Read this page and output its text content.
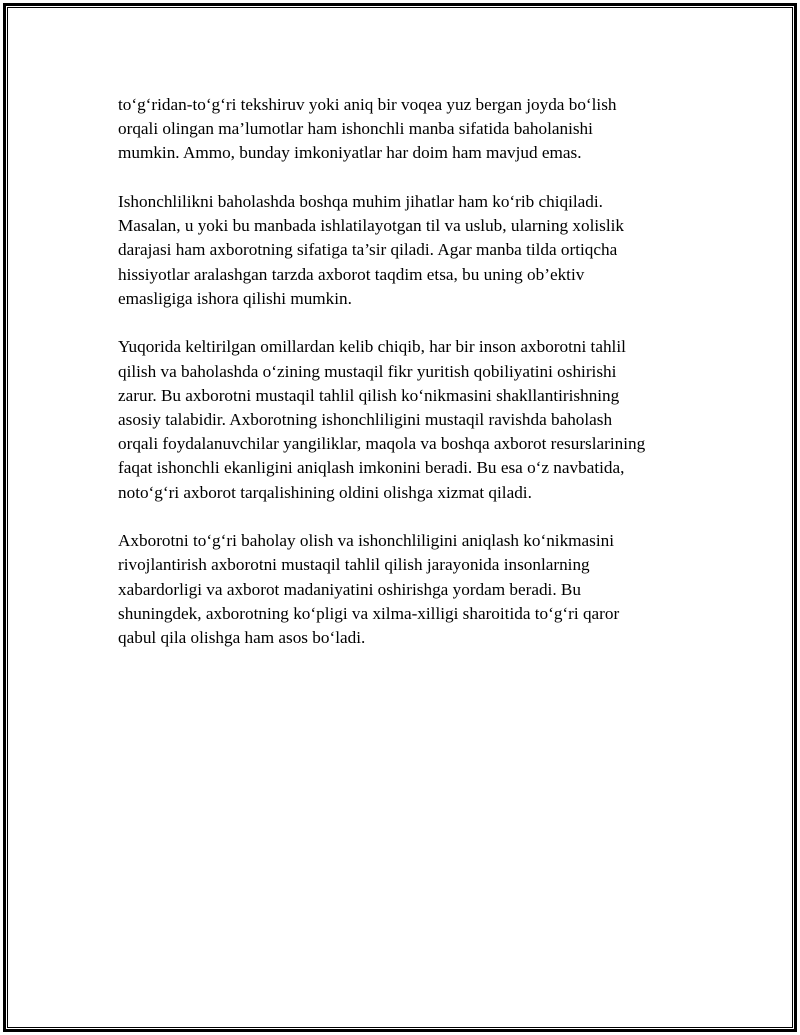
to‘g‘ridan-to‘g‘ri tekshiruv yoki aniq bir voqea yuz bergan joyda bo‘lish
orqali olingan ma’lumotlar ham ishonchli manba sifatida baholanishi
mumkin. Ammo, bunday imkoniyatlar har doim ham mavjud emas.

Ishonchlilikni baholashda boshqa muhim jihatlar ham ko‘rib chiqiladi.
Masalan, u yoki bu manbada ishlatilayotgan til va uslub, ularning xolislik
darajasi ham axborotning sifatiga ta’sir qiladi. Agar manba tilda ortiqcha
hissiyotlar aralashgan tarzda axborot taqdim etsa, bu uning ob’ektiv
emasligiga ishora qilishi mumkin.

Yuqorida keltirilgan omillardan kelib chiqib, har bir inson axborotni tahlil
qilish va baholashda o‘zining mustaqil fikr yuritish qobiliyatini oshirishi
zarur. Bu axborotni mustaqil tahlil qilish ko‘nikmasini shakllantirishning
asosiy talabidir. Axborotning ishonchliligini mustaqil ravishda baholash
orqali foydalanuvchilar yangiliklar, maqola va boshqa axborot resurslarining
faqat ishonchli ekanligini aniqlash imkonini beradi. Bu esa o‘z navbatida,
noto‘g‘ri axborot tarqalishining oldini olishga xizmat qiladi.

Axborotni to‘g‘ri baholay olish va ishonchliligini aniqlash ko‘nikmasini
rivojlantirish axborotni mustaqil tahlil qilish jarayonida insonlarning
xabardorligi va axborot madaniyatini oshirishga yordam beradi. Bu
shuningdek, axborotning ko‘pligi va xilma-xilligi sharoitida to‘g‘ri qaror
qabul qila olishga ham asos bo‘ladi.
